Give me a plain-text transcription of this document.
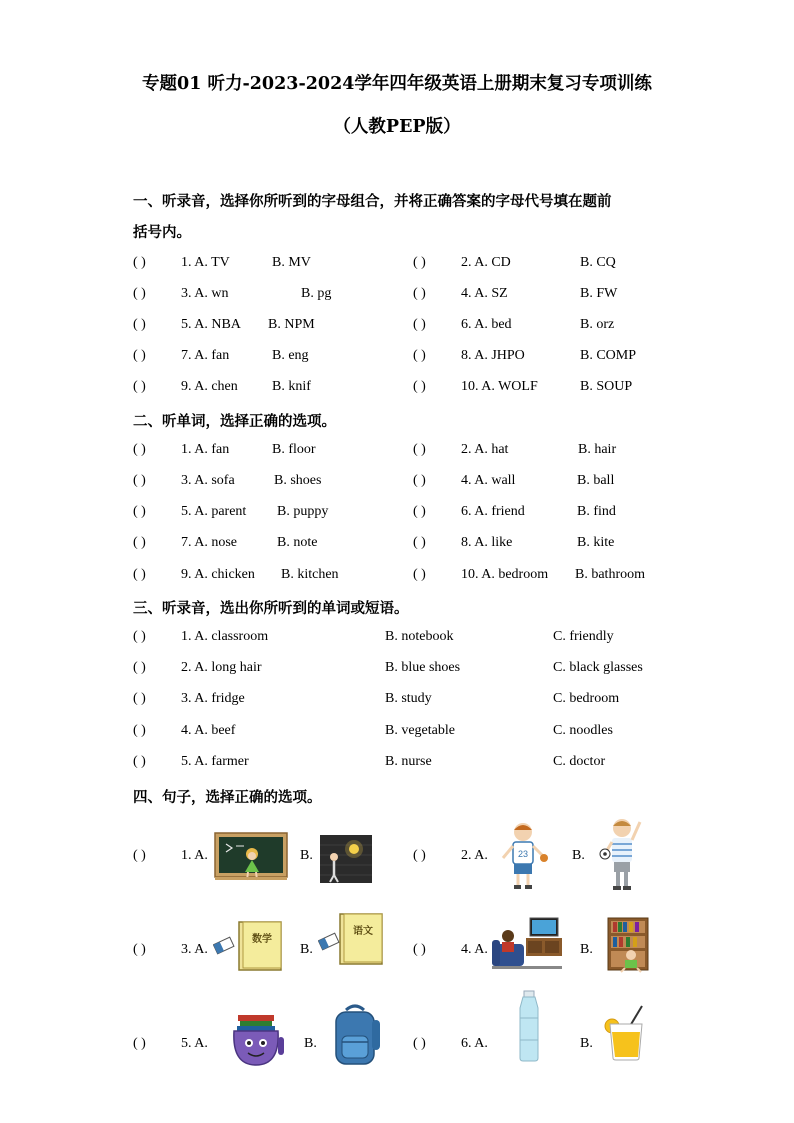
专题01 听力-2023-2024学年四年级英语上册期末复习专项训练
（人教PEP版）
一、听录音，选择你所听到的字母组合，并将正确答案的字母代号填在题前
括号内。
( )	1. A. TV	B. MV	( )	2. A. CD	B. CQ
( )	3. A. wn	B. pg	( )	4. A. SZ	B. FW
( )	5. A. NBA B. NPM	( )	6. A. bed	B. orz
( )	7. A. fan	B. eng	( )	8. A. JHPO	B. COMP
( )	9. A. chen B. knif	( )	10. A. WOLF	B. SOUP
( )	1. A. fan	B. floor	( )	2. A. hat	B. hair
( )	3. A. sofa	B. shoes	( )	4. A. wall	B. ball
( )	5. A. parent B. puppy	( )	6. A. friend	B. find
( )	7. A. nose	B. note	( )	8. A. like	B. kite
( )	9. A. chicken B. kitchen	( )	10. A. bedroom B. bathroom
( )	1. A. classroom	B. notebook	C. friendly
( )	2. A. long hair	B. blue shoes	C. black glasses
( )	3. A. fridge	B. study	C. bedroom
( )	4. A. beef	B. vegetable	C. noodles
( )	5. A. farmer	B. nurse	C. doctor
二、听单词，选择正确的选项。
三、听录音，选出你所听到的单词或短语。
四、句子，选择正确的选项。
( )	1. A.	B.	( )	2. A.	B.
( )	3. A.	B.	( )	4. A.	B.
( )	5. A.	B.	( )	6. A.	B.
23
数学
语文
